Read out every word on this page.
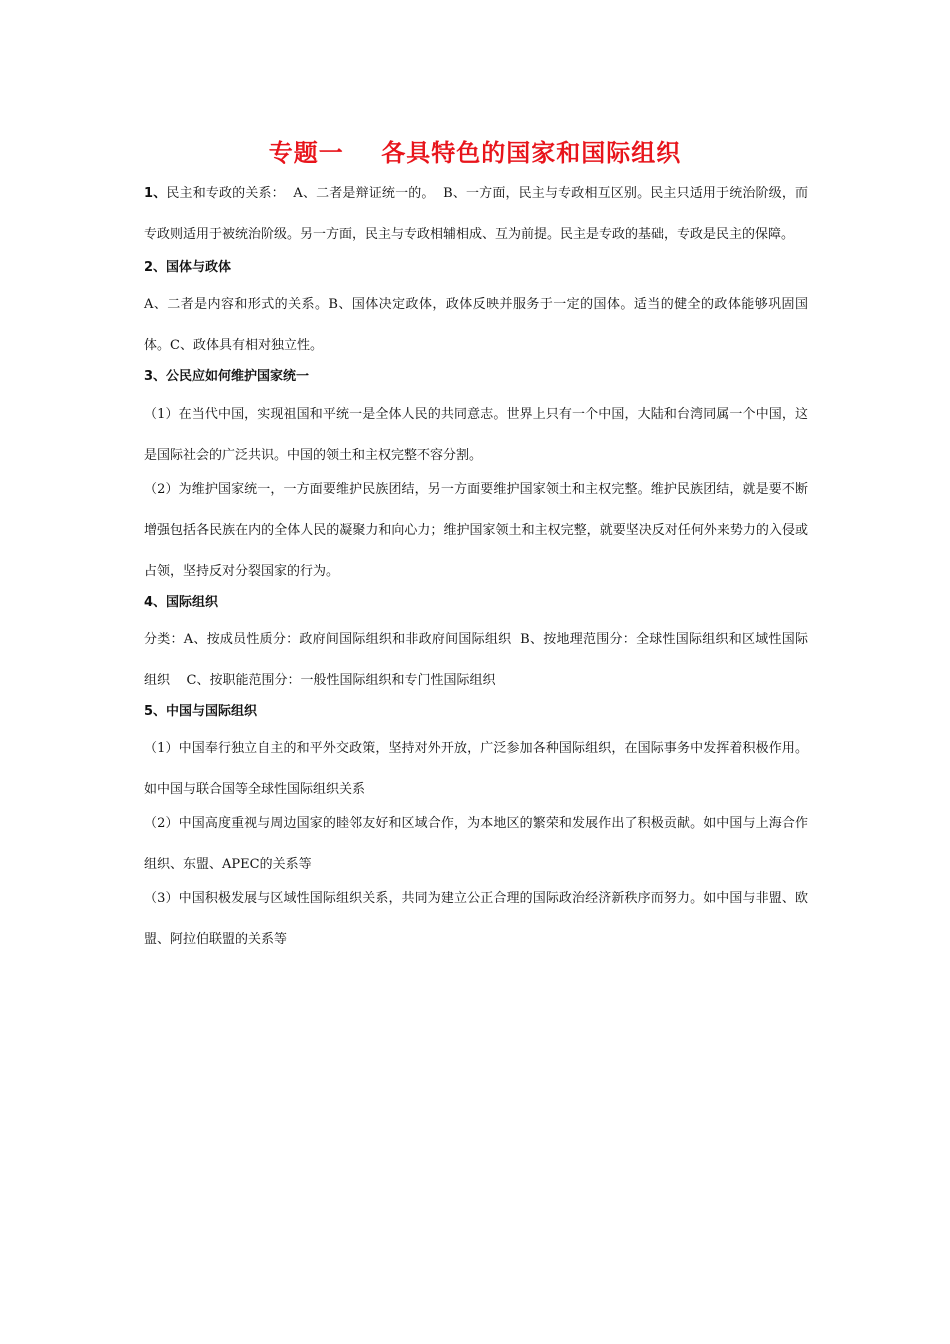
专题一    各具特色的国家和国际组织

1、民主和专政的关系：  A、二者是辩证统一的。  B、一方面，民主与专政相互区别。民主只适用于统治阶级，而专政则适用于被统治阶级。另一方面，民主与专政相辅相成、互为前提。民主是专政的基础，专政是民主的保障。

2、国体与政体

A、二者是内容和形式的关系。B、国体决定政体，政体反映并服务于一定的国体。适当的健全的政体能够巩固国体。C、政体具有相对独立性。

3、公民应如何维护国家统一

（1）在当代中国，实现祖国和平统一是全体人民的共同意志。世界上只有一个中国，大陆和台湾同属一个中国，这是国际社会的广泛共识。中国的领土和主权完整不容分割。

（2）为维护国家统一，一方面要维护民族团结，另一方面要维护国家领土和主权完整。维护民族团结，就是要不断增强包括各民族在内的全体人民的凝聚力和向心力；维护国家领土和主权完整，就要坚决反对任何外来势力的入侵或占领，坚持反对分裂国家的行为。

4、国际组织

分类：A、按成员性质分：政府间国际组织和非政府间国际组织  B、按地理范围分：全球性国际组织和区域性国际组织    C、按职能范围分：一般性国际组织和专门性国际组织

5、中国与国际组织

（1）中国奉行独立自主的和平外交政策，坚持对外开放，广泛参加各种国际组织，在国际事务中发挥着积极作用。如中国与联合国等全球性国际组织关系

（2）中国高度重视与周边国家的睦邻友好和区域合作，为本地区的繁荣和发展作出了积极贡献。如中国与上海合作组织、东盟、APEC的关系等

（3）中国积极发展与区域性国际组织关系，共同为建立公正合理的国际政治经济新秩序而努力。如中国与非盟、欧盟、阿拉伯联盟的关系等
